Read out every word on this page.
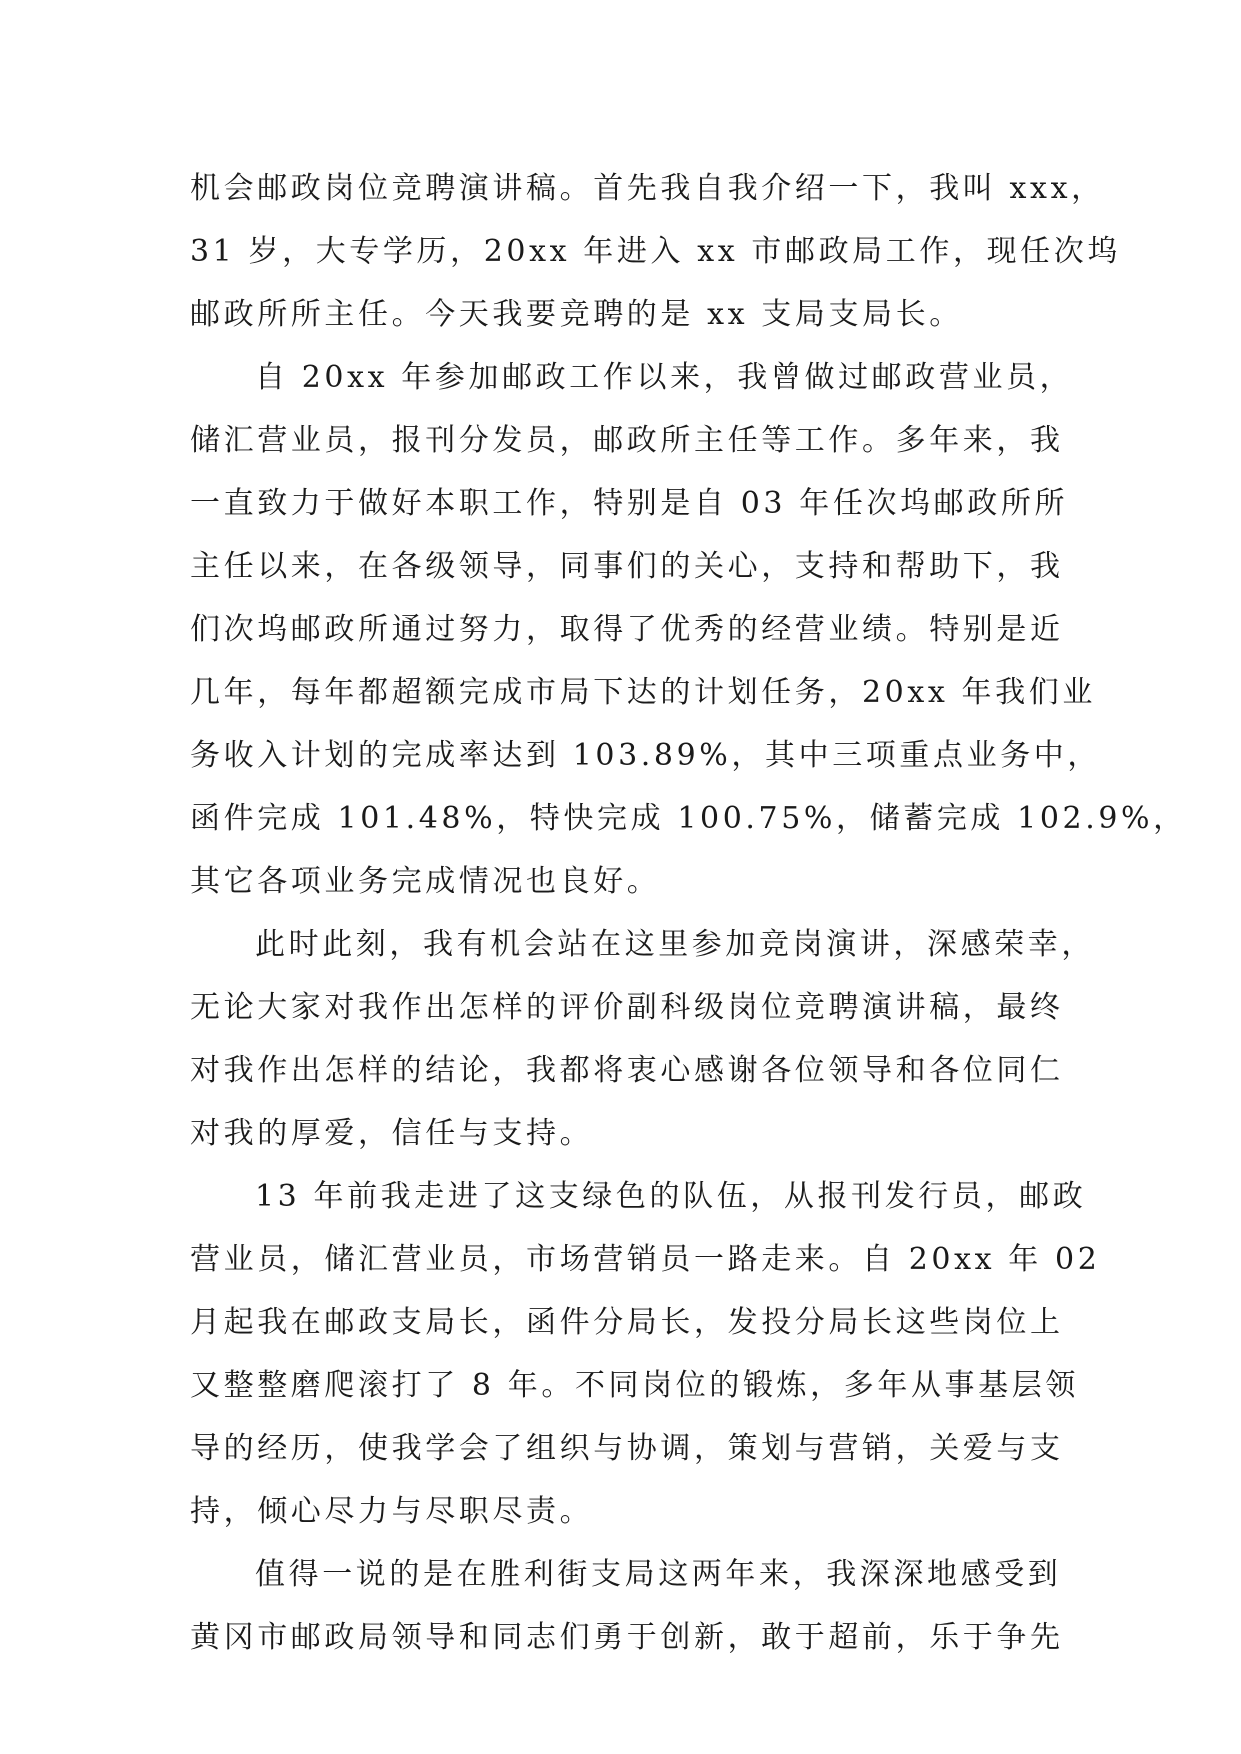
机会邮政岗位竞聘演讲稿。首先我自我介绍一下，我叫 xxx，
31 岁，大专学历，20xx 年进入 xx 市邮政局工作，现任次坞
邮政所所主任。今天我要竞聘的是 xx 支局支局长。
自 20xx 年参加邮政工作以来，我曾做过邮政营业员，
储汇营业员，报刊分发员，邮政所主任等工作。多年来，我
一直致力于做好本职工作，特别是自 03 年任次坞邮政所所
主任以来，在各级领导，同事们的关心，支持和帮助下，我
们次坞邮政所通过努力，取得了优秀的经营业绩。特别是近
几年，每年都超额完成市局下达的计划任务，20xx 年我们业
务收入计划的完成率达到 103.89%，其中三项重点业务中，
函件完成 101.48%，特快完成 100.75%，储蓄完成 102.9%，
其它各项业务完成情况也良好。
此时此刻，我有机会站在这里参加竞岗演讲，深感荣幸，
无论大家对我作出怎样的评价副科级岗位竞聘演讲稿，最终
对我作出怎样的结论，我都将衷心感谢各位领导和各位同仁
对我的厚爱，信任与支持。
13 年前我走进了这支绿色的队伍，从报刊发行员，邮政
营业员，储汇营业员，市场营销员一路走来。自 20xx 年 02
月起我在邮政支局长，函件分局长，发投分局长这些岗位上
又整整磨爬滚打了 8 年。不同岗位的锻炼，多年从事基层领
导的经历，使我学会了组织与协调，策划与营销，关爱与支
持，倾心尽力与尽职尽责。
值得一说的是在胜利街支局这两年来，我深深地感受到
黄冈市邮政局领导和同志们勇于创新，敢于超前，乐于争先
